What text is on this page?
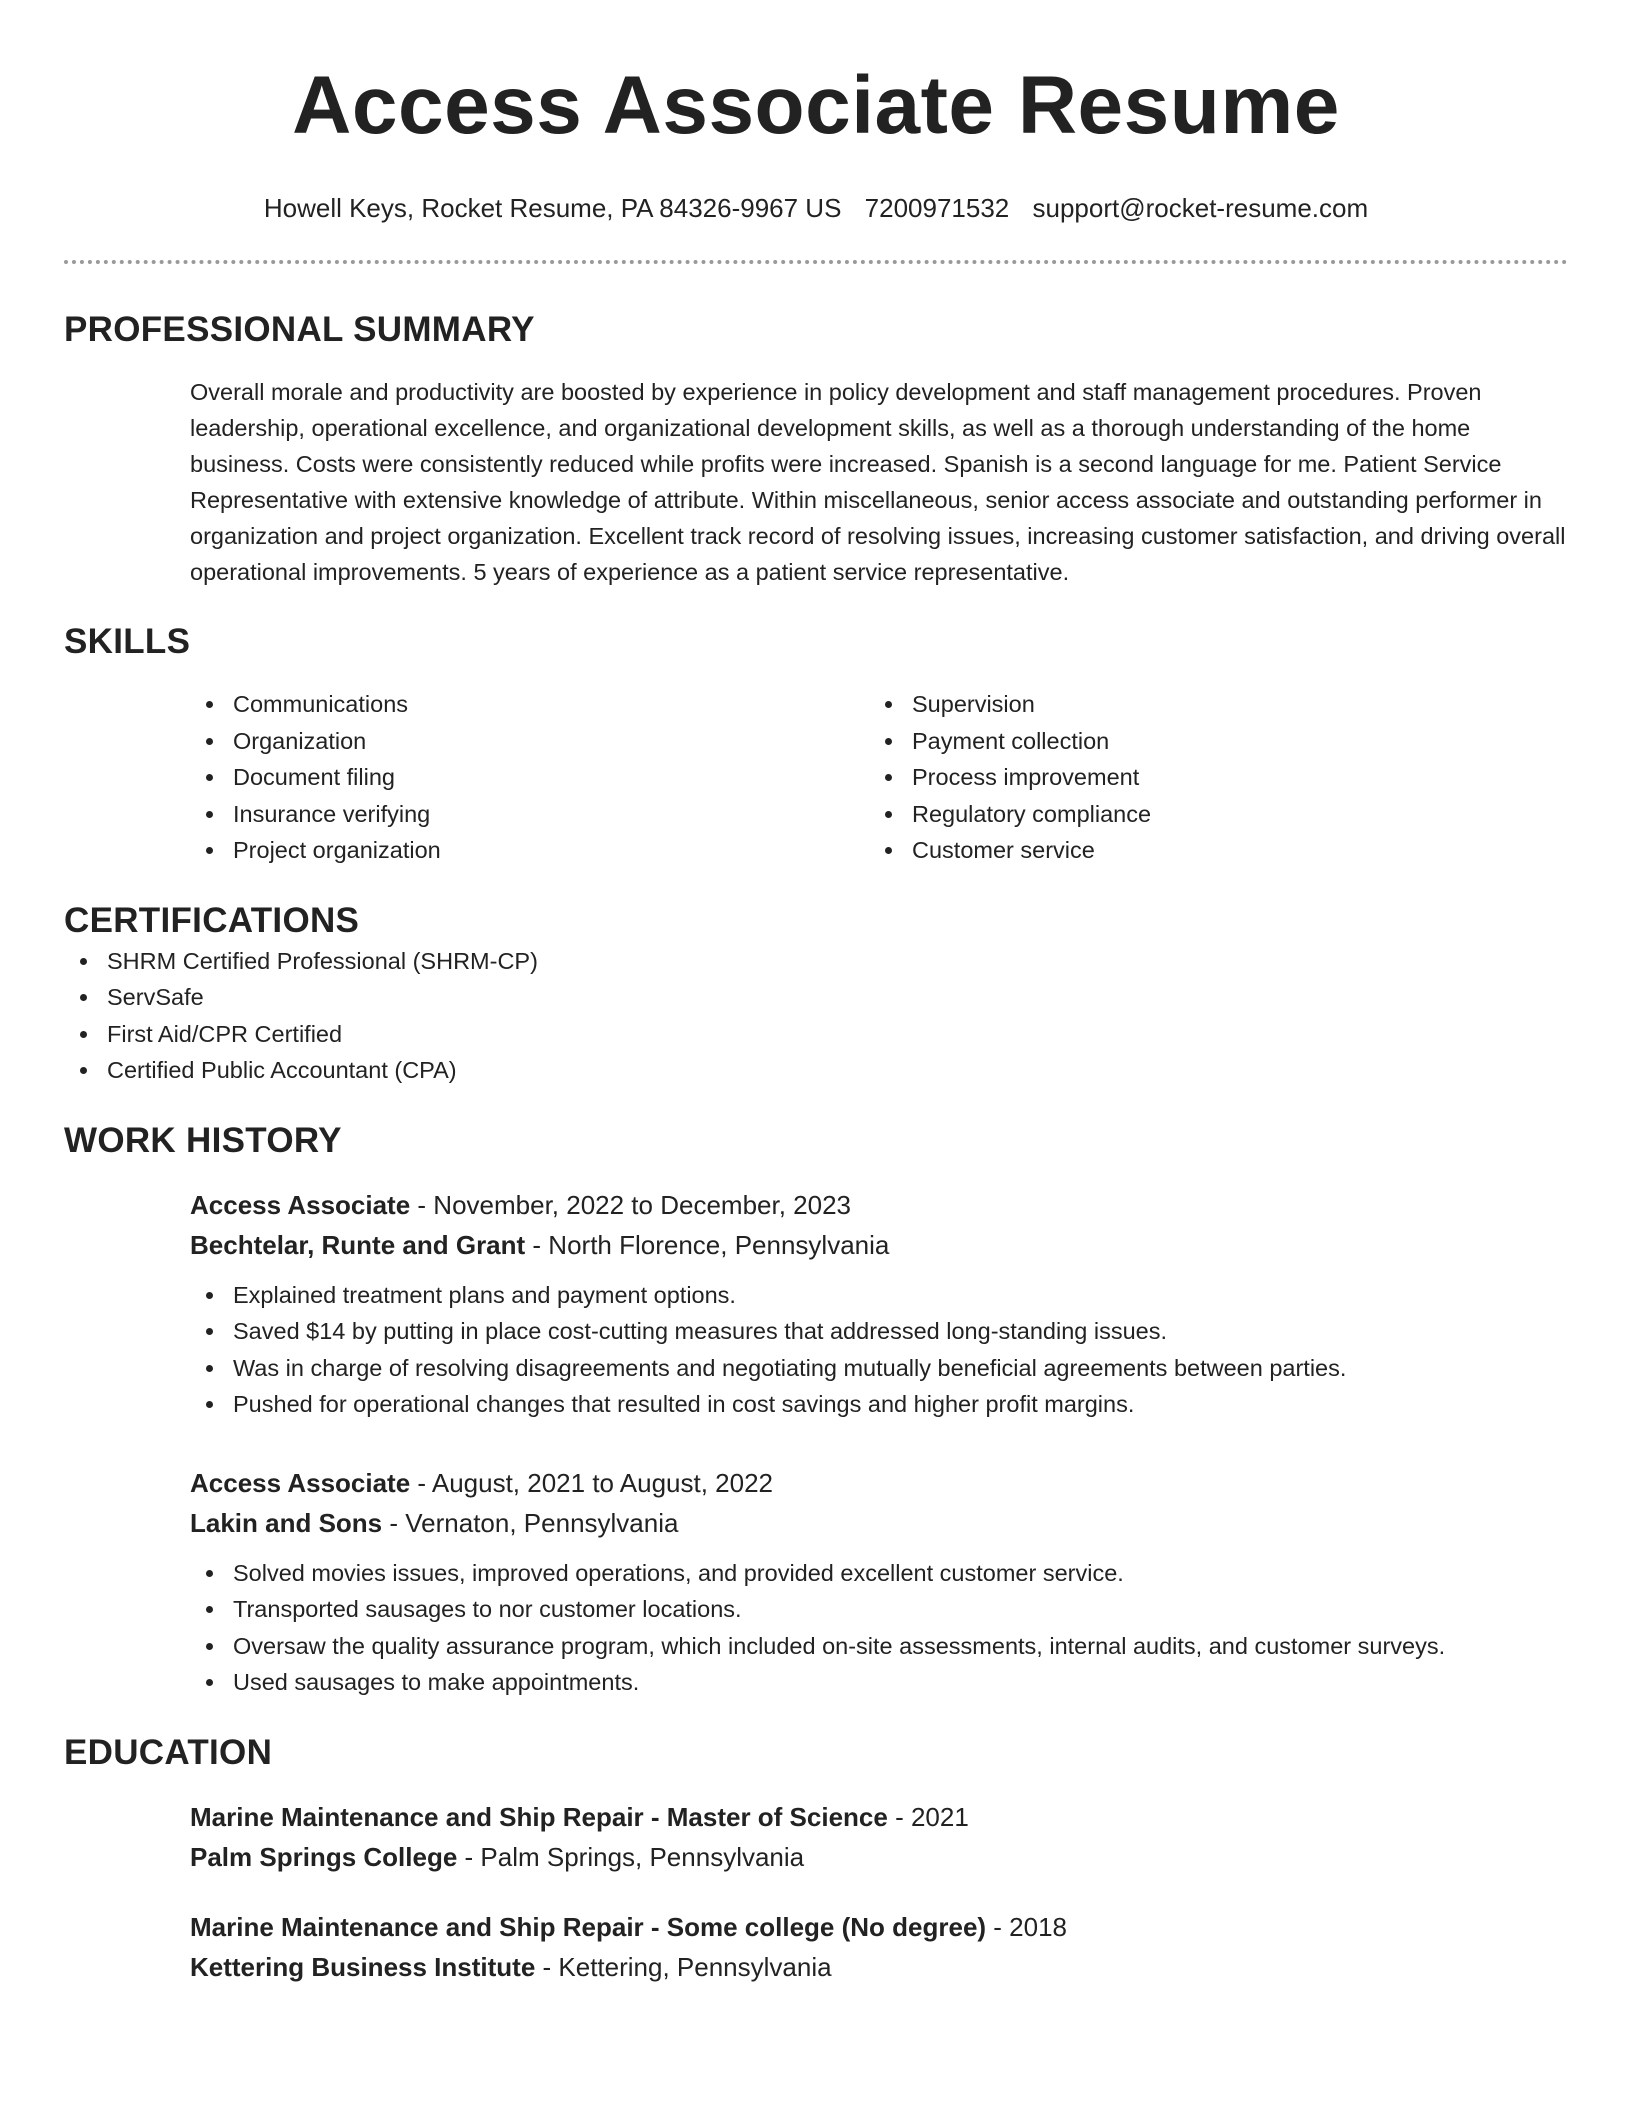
Access Associate Resume
Howell Keys, Rocket Resume, PA 84326-9967 US 7200971532 support@rocket-resume.com
PROFESSIONAL SUMMARY
Overall morale and productivity are boosted by experience in policy development and staff management procedures. Proven leadership, operational excellence, and organizational development skills, as well as a thorough understanding of the home business. Costs were consistently reduced while profits were increased. Spanish is a second language for me. Patient Service Representative with extensive knowledge of attribute. Within miscellaneous, senior access associate and outstanding performer in organization and project organization. Excellent track record of resolving issues, increasing customer satisfaction, and driving overall operational improvements. 5 years of experience as a patient service representative.
SKILLS
Communications
Organization
Document filing
Insurance verifying
Project organization
Supervision
Payment collection
Process improvement
Regulatory compliance
Customer service
CERTIFICATIONS
SHRM Certified Professional (SHRM-CP)
ServSafe
First Aid/CPR Certified
Certified Public Accountant (CPA)
WORK HISTORY
Access Associate - November, 2022 to December, 2023
Bechtelar, Runte and Grant - North Florence, Pennsylvania
Explained treatment plans and payment options.
Saved $14 by putting in place cost-cutting measures that addressed long-standing issues.
Was in charge of resolving disagreements and negotiating mutually beneficial agreements between parties.
Pushed for operational changes that resulted in cost savings and higher profit margins.
Access Associate - August, 2021 to August, 2022
Lakin and Sons - Vernaton, Pennsylvania
Solved movies issues, improved operations, and provided excellent customer service.
Transported sausages to nor customer locations.
Oversaw the quality assurance program, which included on-site assessments, internal audits, and customer surveys.
Used sausages to make appointments.
EDUCATION
Marine Maintenance and Ship Repair - Master of Science - 2021
Palm Springs College - Palm Springs, Pennsylvania
Marine Maintenance and Ship Repair - Some college (No degree) - 2018
Kettering Business Institute - Kettering, Pennsylvania
